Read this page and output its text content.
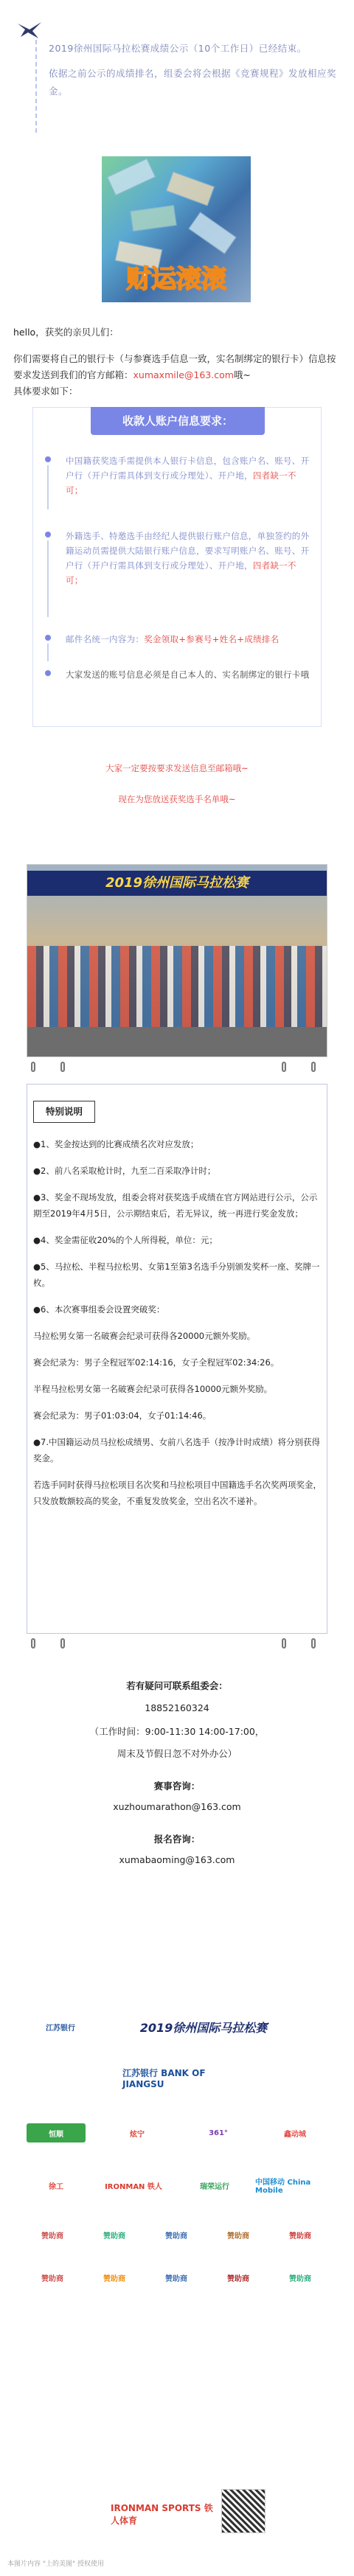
2019徐州国际马拉松赛成绩公示（10个工作日）已经结束。

依据之前公示的成绩排名，组委会将会根据《竞赛规程》发放相应奖金。

财运滚滚

hello，获奖的亲贝儿们：

你们需要将自己的银行卡（与参赛选手信息一致，实名制绑定的银行卡）信息按要求发送到我们的官方邮箱：xumaxmile@163.com哦~
具体要求如下：

收款人账户信息要求：
中国籍获奖选手需提供本人银行卡信息，包含账户名、账号、开户行（开户行需具体到支行或分理处）、开户地，四者缺一不可；
外籍选手、特邀选手由经纪人提供银行账户信息，单独签约的外籍运动员需提供大陆银行账户信息，要求写明账户名、账号、开户行（开户行需具体到支行或分理处）、开户地，四者缺一不可；
邮件名统一内容为：奖金领取+参赛号+姓名+成绩排名
大家发送的账号信息必须是自己本人的、实名制绑定的银行卡哦
大家一定要按要求发送信息至邮箱哦~
现在为您放送获奖选手名单哦~
2019徐州国际马拉松赛
特别说明

●1、奖金按达到的比赛成绩名次对应发放；

●2、前八名采取枪计时，九至二百采取净计时；

●3、奖金不现场发放，组委会将对获奖选手成绩在官方网站进行公示，公示期至2019年4月5日，公示期结束后，若无异议，统一再进行奖金发放；

●4、奖金需征收20%的个人所得税，单位：元；

●5、马拉松、半程马拉松男、女第1至第3名选手分别颁发奖杯一座、奖牌一枚。

●6、本次赛事组委会设置突破奖：

马拉松男女第一名破赛会纪录可获得各20000元额外奖励。

赛会纪录为：男子全程冠军02:14:16，女子全程冠军02:34:26。

半程马拉松男女第一名破赛会纪录可获得各10000元额外奖励。

赛会纪录为：男子01:03:04，女子01:14:46。

●7.中国籍运动员马拉松成绩男、女前八名选手（按净计时成绩）将分别获得奖金。

若选手同时获得马拉松项目名次奖和马拉松项目中国籍选手名次奖两项奖金，只发放数额较高的奖金，不重复发放奖金，空出名次不递补。

若有疑问可联系组委会：
18852160324
（工作时间：9:00-11:30 14:00-17:00，

周末及节假日忽不对外办公）

赛事咨询：

xuzhoumarathon@163.com

报名咨询：

xumabaoming@163.com

江苏银行	2019徐州国际马拉松赛
江苏银行 BANK OF JIANGSU
恒顺	炫宁	361°	鑫动城
徐工	IRONMAN 铁人	瑞荣运行	中国移动 China Mobile
赞助商	赞助商	赞助商	赞助商	赞助商
赞助商	赞助商	赞助商	赞助商	赞助商
IRONMAN SPORTS 铁人体育
本图片内容 "上的美图" 授权使用
